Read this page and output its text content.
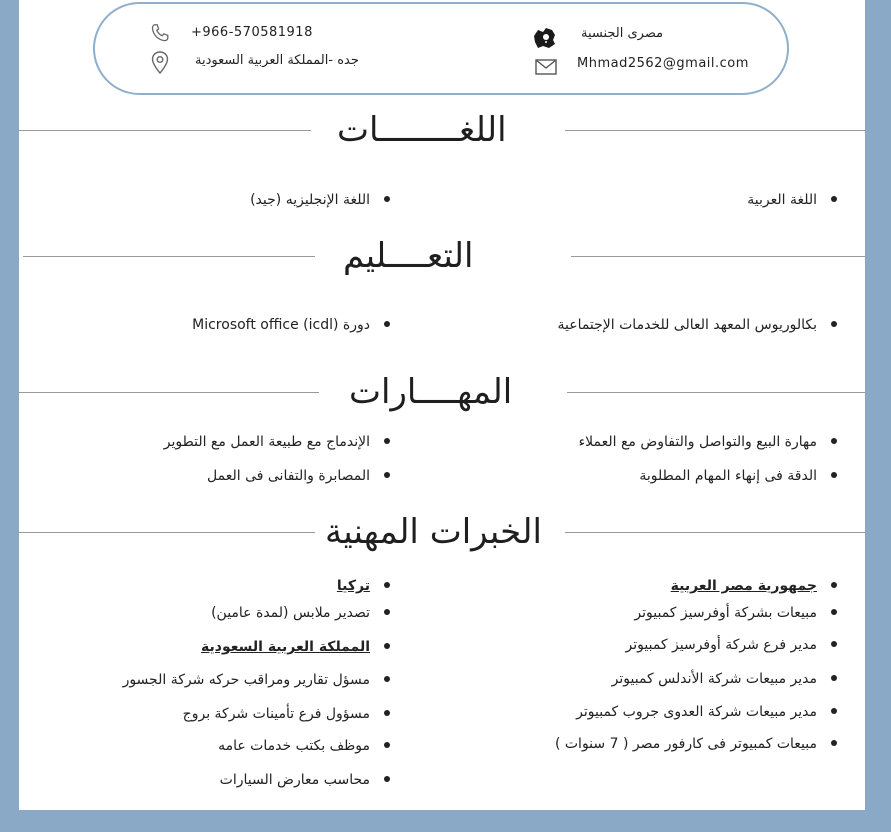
+966-570581918
جده -المملكة العربية السعودية
مصرى الجنسية
Mhmad2562@gmail.com
اللغــــــــات
اللغة العربية
اللغة الإنجليزيه (جيد)
التعــــليم
بكالوريوس المعهد العالى للخدمات الإجتماعية
دورة Microsoft office (icdl)
المهــــارات
مهارة البيع والتواصل والتفاوض مع العملاء
الإندماج مع طبيعة العمل مع التطوير
الدقة فى إنهاء المهام المطلوبة
المصابرة والتفانى فى العمل
الخبرات المهنية
جمهورية مصر العربية
مبيعات بشركة أوفرسيز كمبيوتر
مدير فرع شركة أوفرسيز كمبيوتر
مدير مبيعات شركة الأندلس كمبيوتر
مدير مبيعات شركة العدوى جروب كمبيوتر
مبيعات كمبيوتر فى كارفور مصر ( 7 سنوات )
تركيا
تصدير ملابس (لمدة عامين)
المملكة العربية السعودية
مسؤل تقارير ومراقب حركه شركة الجسور
مسؤول فرع تأمينات شركة بروج
موظف بكتب خدمات عامه
محاسب معارض السيارات
